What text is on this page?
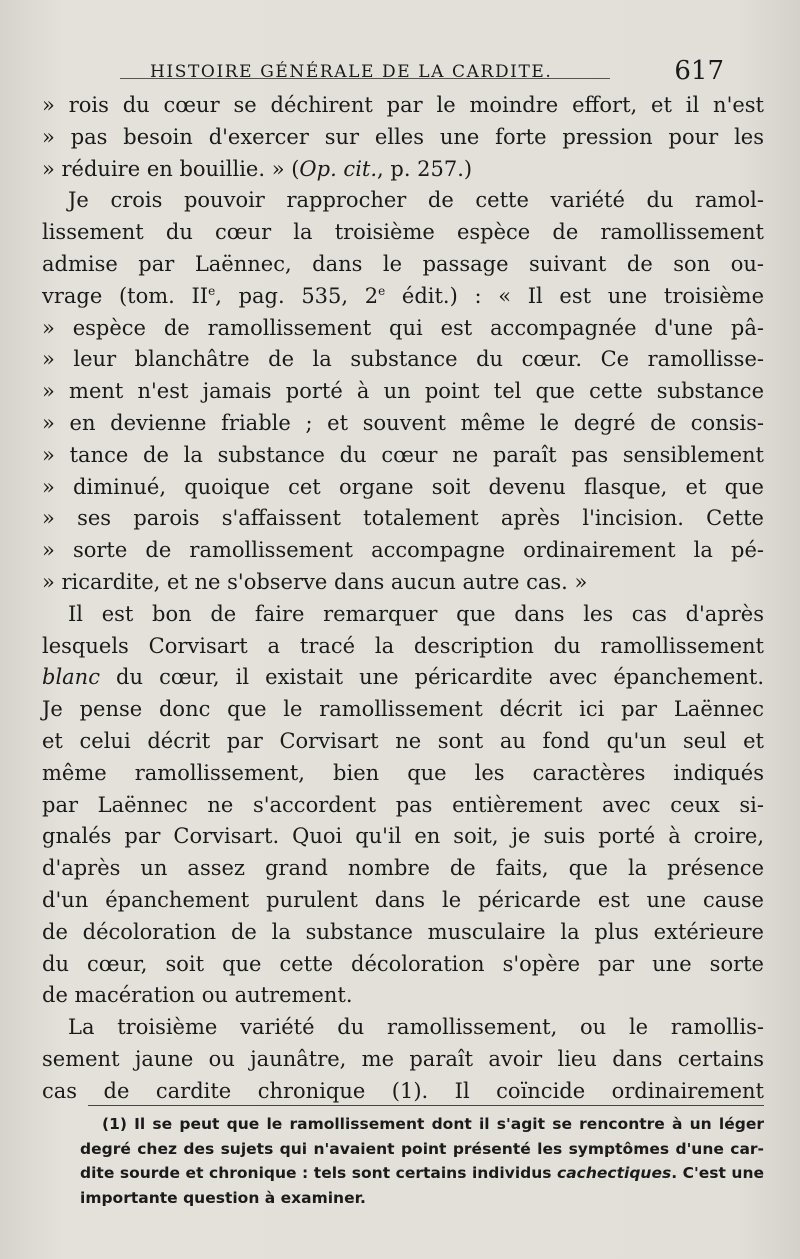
HISTOIRE GÉNÉRALE DE LA CARDITE.	617
» rois du cœur se déchirent par le moindre effort, et il n'est
» pas besoin d'exercer sur elles une forte pression pour les
» réduire en bouillie. » (Op. cit., p. 257.)
Je crois pouvoir rapprocher de cette variété du ramol-
lissement du cœur la troisième espèce de ramollissement
admise par Laënnec, dans le passage suivant de son ou-
vrage (tom. IIe, pag. 535, 2e édit.) : « Il est une troisième
» espèce de ramollissement qui est accompagnée d'une pâ-
» leur blanchâtre de la substance du cœur. Ce ramollisse-
» ment n'est jamais porté à un point tel que cette substance
» en devienne friable ; et souvent même le degré de consis-
» tance de la substance du cœur ne paraît pas sensiblement
» diminué, quoique cet organe soit devenu flasque, et que
» ses parois s'affaissent totalement après l'incision. Cette
» sorte de ramollissement accompagne ordinairement la pé-
» ricardite, et ne s'observe dans aucun autre cas. »
Il est bon de faire remarquer que dans les cas d'après
lesquels Corvisart a tracé la description du ramollissement
blanc du cœur, il existait une péricardite avec épanchement.
Je pense donc que le ramollissement décrit ici par Laënnec
et celui décrit par Corvisart ne sont au fond qu'un seul et
même ramollissement, bien que les caractères indiqués
par Laënnec ne s'accordent pas entièrement avec ceux si-
gnalés par Corvisart. Quoi qu'il en soit, je suis porté à croire,
d'après un assez grand nombre de faits, que la présence
d'un épanchement purulent dans le péricarde est une cause
de décoloration de la substance musculaire la plus extérieure
du cœur, soit que cette décoloration s'opère par une sorte
de macération ou autrement.
La troisième variété du ramollissement, ou le ramollis-
sement jaune ou jaunâtre, me paraît avoir lieu dans certains
cas de cardite chronique (1). Il coïncide ordinairement
(1) Il se peut que le ramollissement dont il s'agit se rencontre à un léger
degré chez des sujets qui n'avaient point présenté les symptômes d'une car-
dite sourde et chronique : tels sont certains individus cachectiques. C'est une
importante question à examiner.
